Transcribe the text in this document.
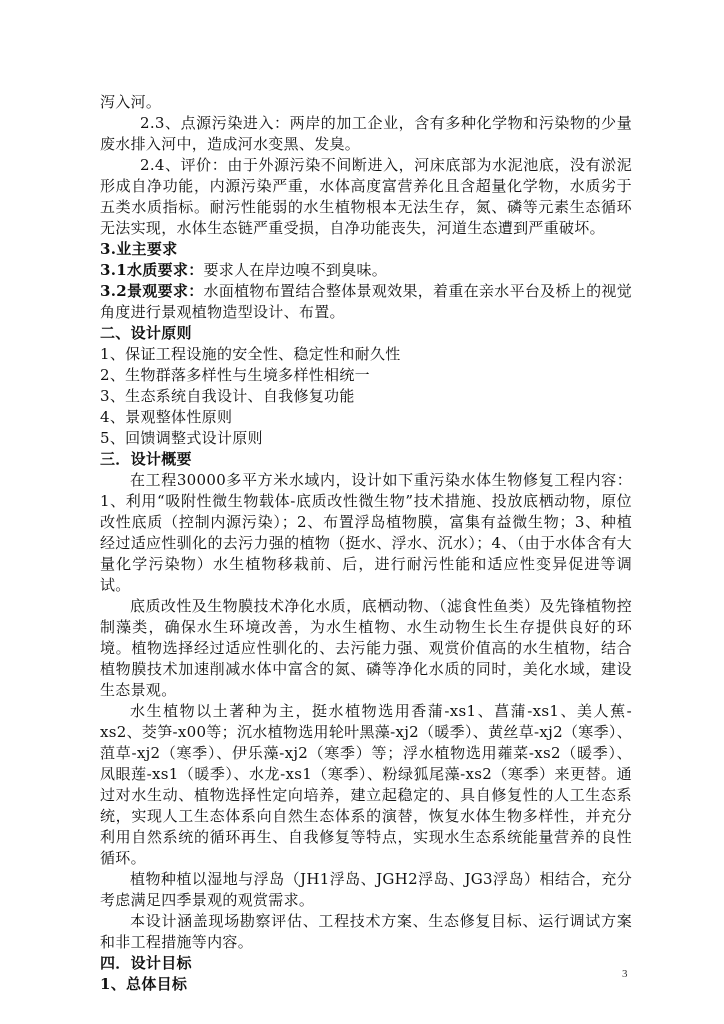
泻入河。

2.3、点源污染进入：两岸的加工企业，含有多种化学物和污染物的少量废水排入河中，造成河水变黑、发臭。

2.4、评价：由于外源污染不间断进入，河床底部为水泥池底，没有淤泥形成自净功能，内源污染严重，水体高度富营养化且含超量化学物，水质劣于五类水质指标。耐污性能弱的水生植物根本无法生存，氮、磷等元素生态循环无法实现，水体生态链严重受损，自净功能丧失，河道生态遭到严重破坏。

3.业主要求

3.1水质要求：要求人在岸边嗅不到臭味。

3.2景观要求：水面植物布置结合整体景观效果，着重在亲水平台及桥上的视觉角度进行景观植物造型设计、布置。

二、设计原则

1、保证工程设施的安全性、稳定性和耐久性

2、生物群落多样性与生境多样性相统一

3、生态系统自我设计、自我修复功能

4、景观整体性原则

5、回馈调整式设计原则

三．设计概要

在工程30000多平方米水域内，设计如下重污染水体生物修复工程内容：1、利用“吸附性微生物载体-底质改性微生物”技术措施、投放底栖动物，原位改性底质（控制内源污染）；2、布置浮岛植物膜，富集有益微生物；3、种植经过适应性驯化的去污力强的植物（挺水、浮水、沉水）；4、（由于水体含有大量化学污染物）水生植物移栽前、后，进行耐污性能和适应性变异促进等调试。

底质改性及生物膜技术净化水质，底栖动物、（滤食性鱼类）及先锋植物控制藻类，确保水生环境改善，为水生植物、水生动物生长生存提供良好的环境。植物选择经过适应性驯化的、去污能力强、观赏价值高的水生植物，结合植物膜技术加速削减水体中富含的氮、磷等净化水质的同时，美化水域，建设生态景观。

水生植物以土著种为主，挺水植物选用香蒲-xs1、菖蒲-xs1、美人蕉-xs2、茭笋-x00等；沉水植物选用轮叶黑藻-xj2（暖季）、黄丝草-xj2（寒季）、菹草-xj2（寒季）、伊乐藻-xj2（寒季）等；浮水植物选用蕹菜-xs2（暖季）、凤眼莲-xs1（暖季）、水龙-xs1（寒季）、粉绿狐尾藻-xs2（寒季）来更替。通过对水生动、植物选择性定向培养，建立起稳定的、具自修复性的人工生态系统，实现人工生态体系向自然生态体系的演替，恢复水体生物多样性，并充分利用自然系统的循环再生、自我修复等特点，实现水生态系统能量营养的良性循环。

植物种植以湿地与浮岛（JH1浮岛、JGH2浮岛、JG3浮岛）相结合，充分考虑满足四季景观的观赏需求。

本设计涵盖现场勘察评估、工程技术方案、生态修复目标、运行调试方案和非工程措施等内容。

四．设计目标

1、总体目标

3
